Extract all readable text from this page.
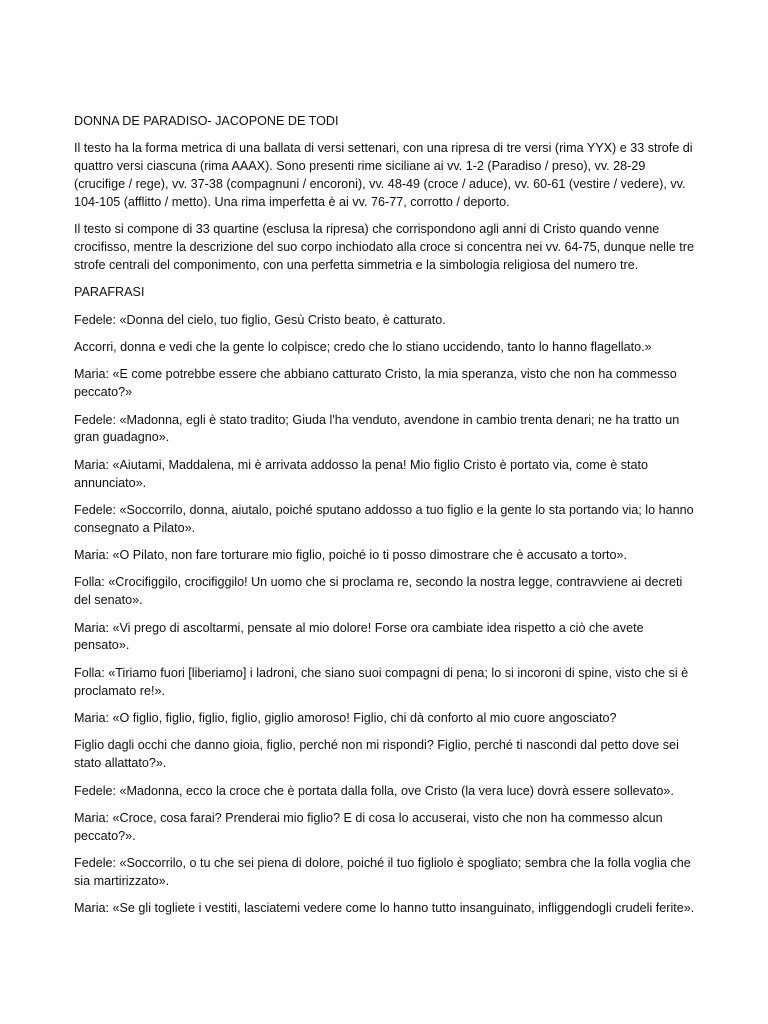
DONNA DE PARADISO- JACOPONE DE TODI

Il testo ha la forma metrica di una ballata di versi settenari, con una ripresa di tre versi (rima YYX) e 33 strofe di quattro versi ciascuna (rima AAAX). Sono presenti rime siciliane ai vv. 1-2 (Paradiso / preso), vv. 28-29 (crucifige / rege), vv. 37-38 (compagnuni / encoroni), vv. 48-49 (croce / aduce), vv. 60-61 (vestire / vedere), vv. 104-105 (afflitto / metto). Una rima imperfetta è ai vv. 76-77, corrotto / deporto.

Il testo si compone di 33 quartine (esclusa la ripresa) che corrispondono agli anni di Cristo quando venne crocifisso, mentre la descrizione del suo corpo inchiodato alla croce si concentra nei vv. 64-75, dunque nelle tre strofe centrali del componimento, con una perfetta simmetria e la simbologia religiosa del numero tre.

PARAFRASI

Fedele: «Donna del cielo, tuo figlio, Gesù Cristo beato, è catturato.

Accorri, donna e vedi che la gente lo colpisce; credo che lo stiano uccidendo, tanto lo hanno flagellato.»

Maria: «E come potrebbe essere che abbiano catturato Cristo, la mia speranza, visto che non ha commesso peccato?»

Fedele: «Madonna, egli è stato tradito; Giuda l'ha venduto, avendone in cambio trenta denari; ne ha tratto un gran guadagno».

Maria: «Aiutami, Maddalena, mi è arrivata addosso la pena! Mio figlio Cristo è portato via, come è stato annunciato».

Fedele: «Soccorrilo, donna, aiutalo, poiché sputano addosso a tuo figlio e la gente lo sta portando via; lo hanno consegnato a Pilato».

Maria: «O Pilato, non fare torturare mio figlio, poiché io ti posso dimostrare che è accusato a torto».

Folla: «Crocifiggilo, crocifiggilo! Un uomo che si proclama re, secondo la nostra legge, contravviene ai decreti del senato».

Maria: «Vi prego di ascoltarmi, pensate al mio dolore! Forse ora cambiate idea rispetto a ciò che avete pensato».

Folla: «Tiriamo fuori [liberiamo] i ladroni, che siano suoi compagni di pena; lo si incoroni di spine, visto che si è proclamato re!».

Maria: «O figlio, figlio, figlio, figlio, giglio amoroso! Figlio, chi dà conforto al mio cuore angosciato?

Figlio dagli occhi che danno gioia, figlio, perché non mi rispondi? Figlio, perché ti nascondi dal petto dove sei stato allattato?».

Fedele: «Madonna, ecco la croce che è portata dalla folla, ove Cristo (la vera luce) dovrà essere sollevato».

Maria: «Croce, cosa farai? Prenderai mio figlio? E di cosa lo accuserai, visto che non ha commesso alcun peccato?».

Fedele: «Soccorrilo, o tu che sei piena di dolore, poiché il tuo figliolo è spogliato; sembra che la folla voglia che sia martirizzato».

Maria: «Se gli togliete i vestiti, lasciatemi vedere come lo hanno tutto insanguinato, infliggendogli crudeli ferite».
